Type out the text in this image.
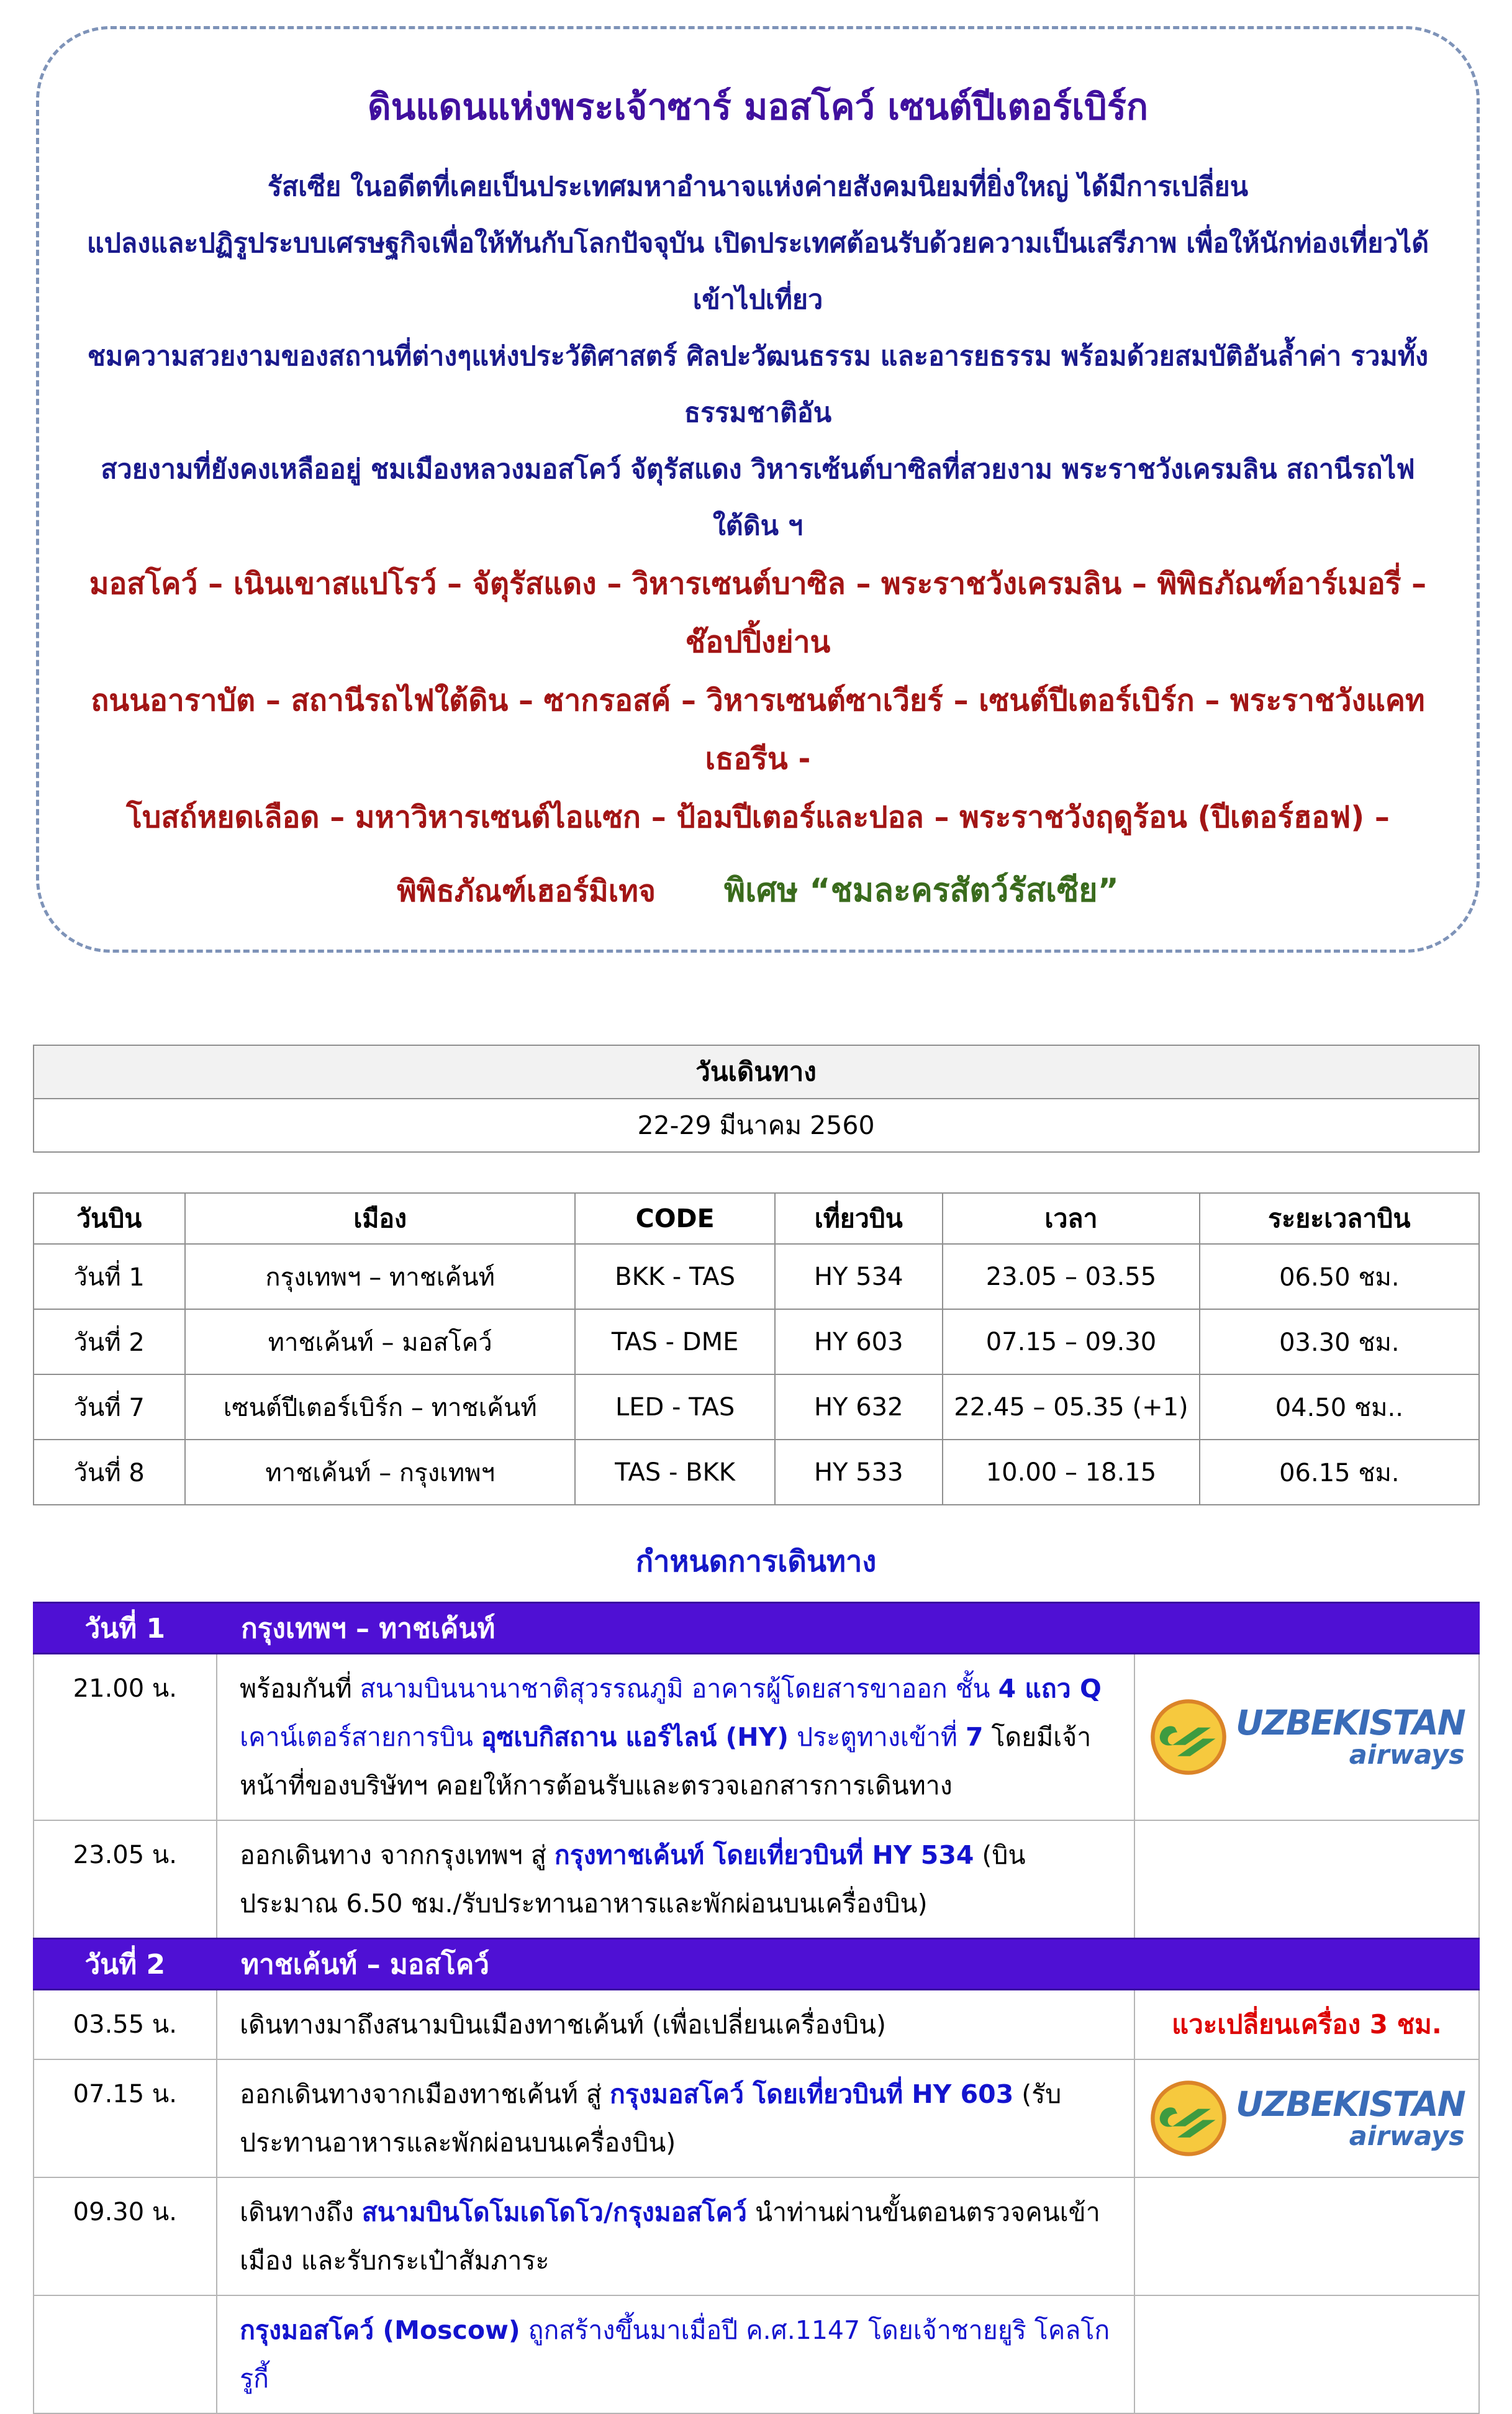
ดินแดนแห่งพระเจ้าซาร์ มอสโคว์ เซนต์ปีเตอร์เบิร์ก
รัสเซีย ในอดีตที่เคยเป็นประเทศมหาอำนาจแห่งค่ายสังคมนิยมที่ยิ่งใหญ่ ได้มีการเปลี่ยน
แปลงและปฏิรูประบบเศรษฐกิจเพื่อให้ทันกับโลกปัจจุบัน เปิดประเทศต้อนรับด้วยความเป็นเสรีภาพ เพื่อให้นักท่องเที่ยวได้เข้าไปเที่ยว
ชมความสวยงามของสถานที่ต่างๆแห่งประวัติศาสตร์ ศิลปะวัฒนธรรม และอารยธรรม พร้อมด้วยสมบัติอันล้ำค่า รวมทั้งธรรมชาติอัน
สวยงามที่ยังคงเหลืออยู่ ชมเมืองหลวงมอสโคว์ จัตุรัสแดง วิหารเซ้นต์บาซิลที่สวยงาม พระราชวังเครมลิน สถานีรถไฟใต้ดิน ฯ
มอสโคว์ – เนินเขาสแปโรว์ – จัตุรัสแดง – วิหารเซนต์บาซิล – พระราชวังเครมลิน – พิพิธภัณฑ์อาร์เมอรี่ – ช๊อปปิ้งย่าน
ถนนอาราบัต – สถานีรถไฟใต้ดิน – ซากรอสค์ – วิหารเซนต์ซาเวียร์ – เซนต์ปีเตอร์เบิร์ก – พระราชวังแคทเธอรีน -
โบสถ์หยดเลือด – มหาวิหารเซนต์ไอแซก – ป้อมปีเตอร์และปอล – พระราชวังฤดูร้อน (ปีเตอร์ฮอฟ) –
พิพิธภัณฑ์เฮอร์มิเทจ พิเศษ “ชมละครสัตว์รัสเซีย”
วันเดินทาง
22-29 มีนาคม 2560
วันบิน	เมือง	CODE	เที่ยวบิน	เวลา	ระยะเวลาบิน
วันที่ 1	กรุงเทพฯ – ทาชเค้นท์	BKK - TAS	HY 534	23.05 – 03.55	06.50 ชม.
วันที่ 2	ทาชเค้นท์ – มอสโคว์	TAS - DME	HY 603	07.15 – 09.30	03.30 ชม.
วันที่ 7	เซนต์ปีเตอร์เบิร์ก – ทาชเค้นท์	LED - TAS	HY 632	22.45 – 05.35 (+1)	04.50 ชม..
วันที่ 8	ทาชเค้นท์ – กรุงเทพฯ	TAS - BKK	HY 533	10.00 – 18.15	06.15 ชม.
กำหนดการเดินทาง
วันที่ 1	กรุงเทพฯ – ทาชเค้นท์	
21.00 น.	พร้อมกันที่ สนามบินนานาชาติสุวรรณภูมิ อาคารผู้โดยสารขาออก ชั้น 4 แถว Q เคาน์เตอร์สายการบิน อุซเบกิสถาน แอร์ไลน์ (HY) ประตูทางเข้าที่ 7 โดยมีเจ้าหน้าที่ของบริษัทฯ คอยให้การต้อนรับและตรวจเอกสารการเดินทาง	UZBEKISTAN
airways

23.05 น.	ออกเดินทาง จากกรุงเทพฯ สู่ กรุงทาชเค้นท์ โดยเที่ยวบินที่ HY 534 (บินประมาณ 6.50 ชม./รับประทานอาหารและพักผ่อนบนเครื่องบิน)	
วันที่ 2	ทาชเค้นท์ – มอสโคว์	
03.55 น.	เดินทางมาถึงสนามบินเมืองทาชเค้นท์ (เพื่อเปลี่ยนเครื่องบิน)	แวะเปลี่ยนเครื่อง 3 ชม.
07.15 น.	ออกเดินทางจากเมืองทาชเค้นท์ สู่ กรุงมอสโคว์ โดยเที่ยวบินที่ HY 603 (รับประทานอาหารและพักผ่อนบนเครื่องบิน)	UZBEKISTAN
airways

09.30 น.	เดินทางถึง สนามบินโดโมเดโดโว/กรุงมอสโคว์ นำท่านผ่านขั้นตอนตรวจคนเข้าเมือง และรับกระเป๋าสัมภาระ	
	กรุงมอสโคว์ (Moscow) ถูกสร้างขึ้นมาเมื่อปี ค.ศ.1147 โดยเจ้าชายยูริ โคลโกรูกี้	
